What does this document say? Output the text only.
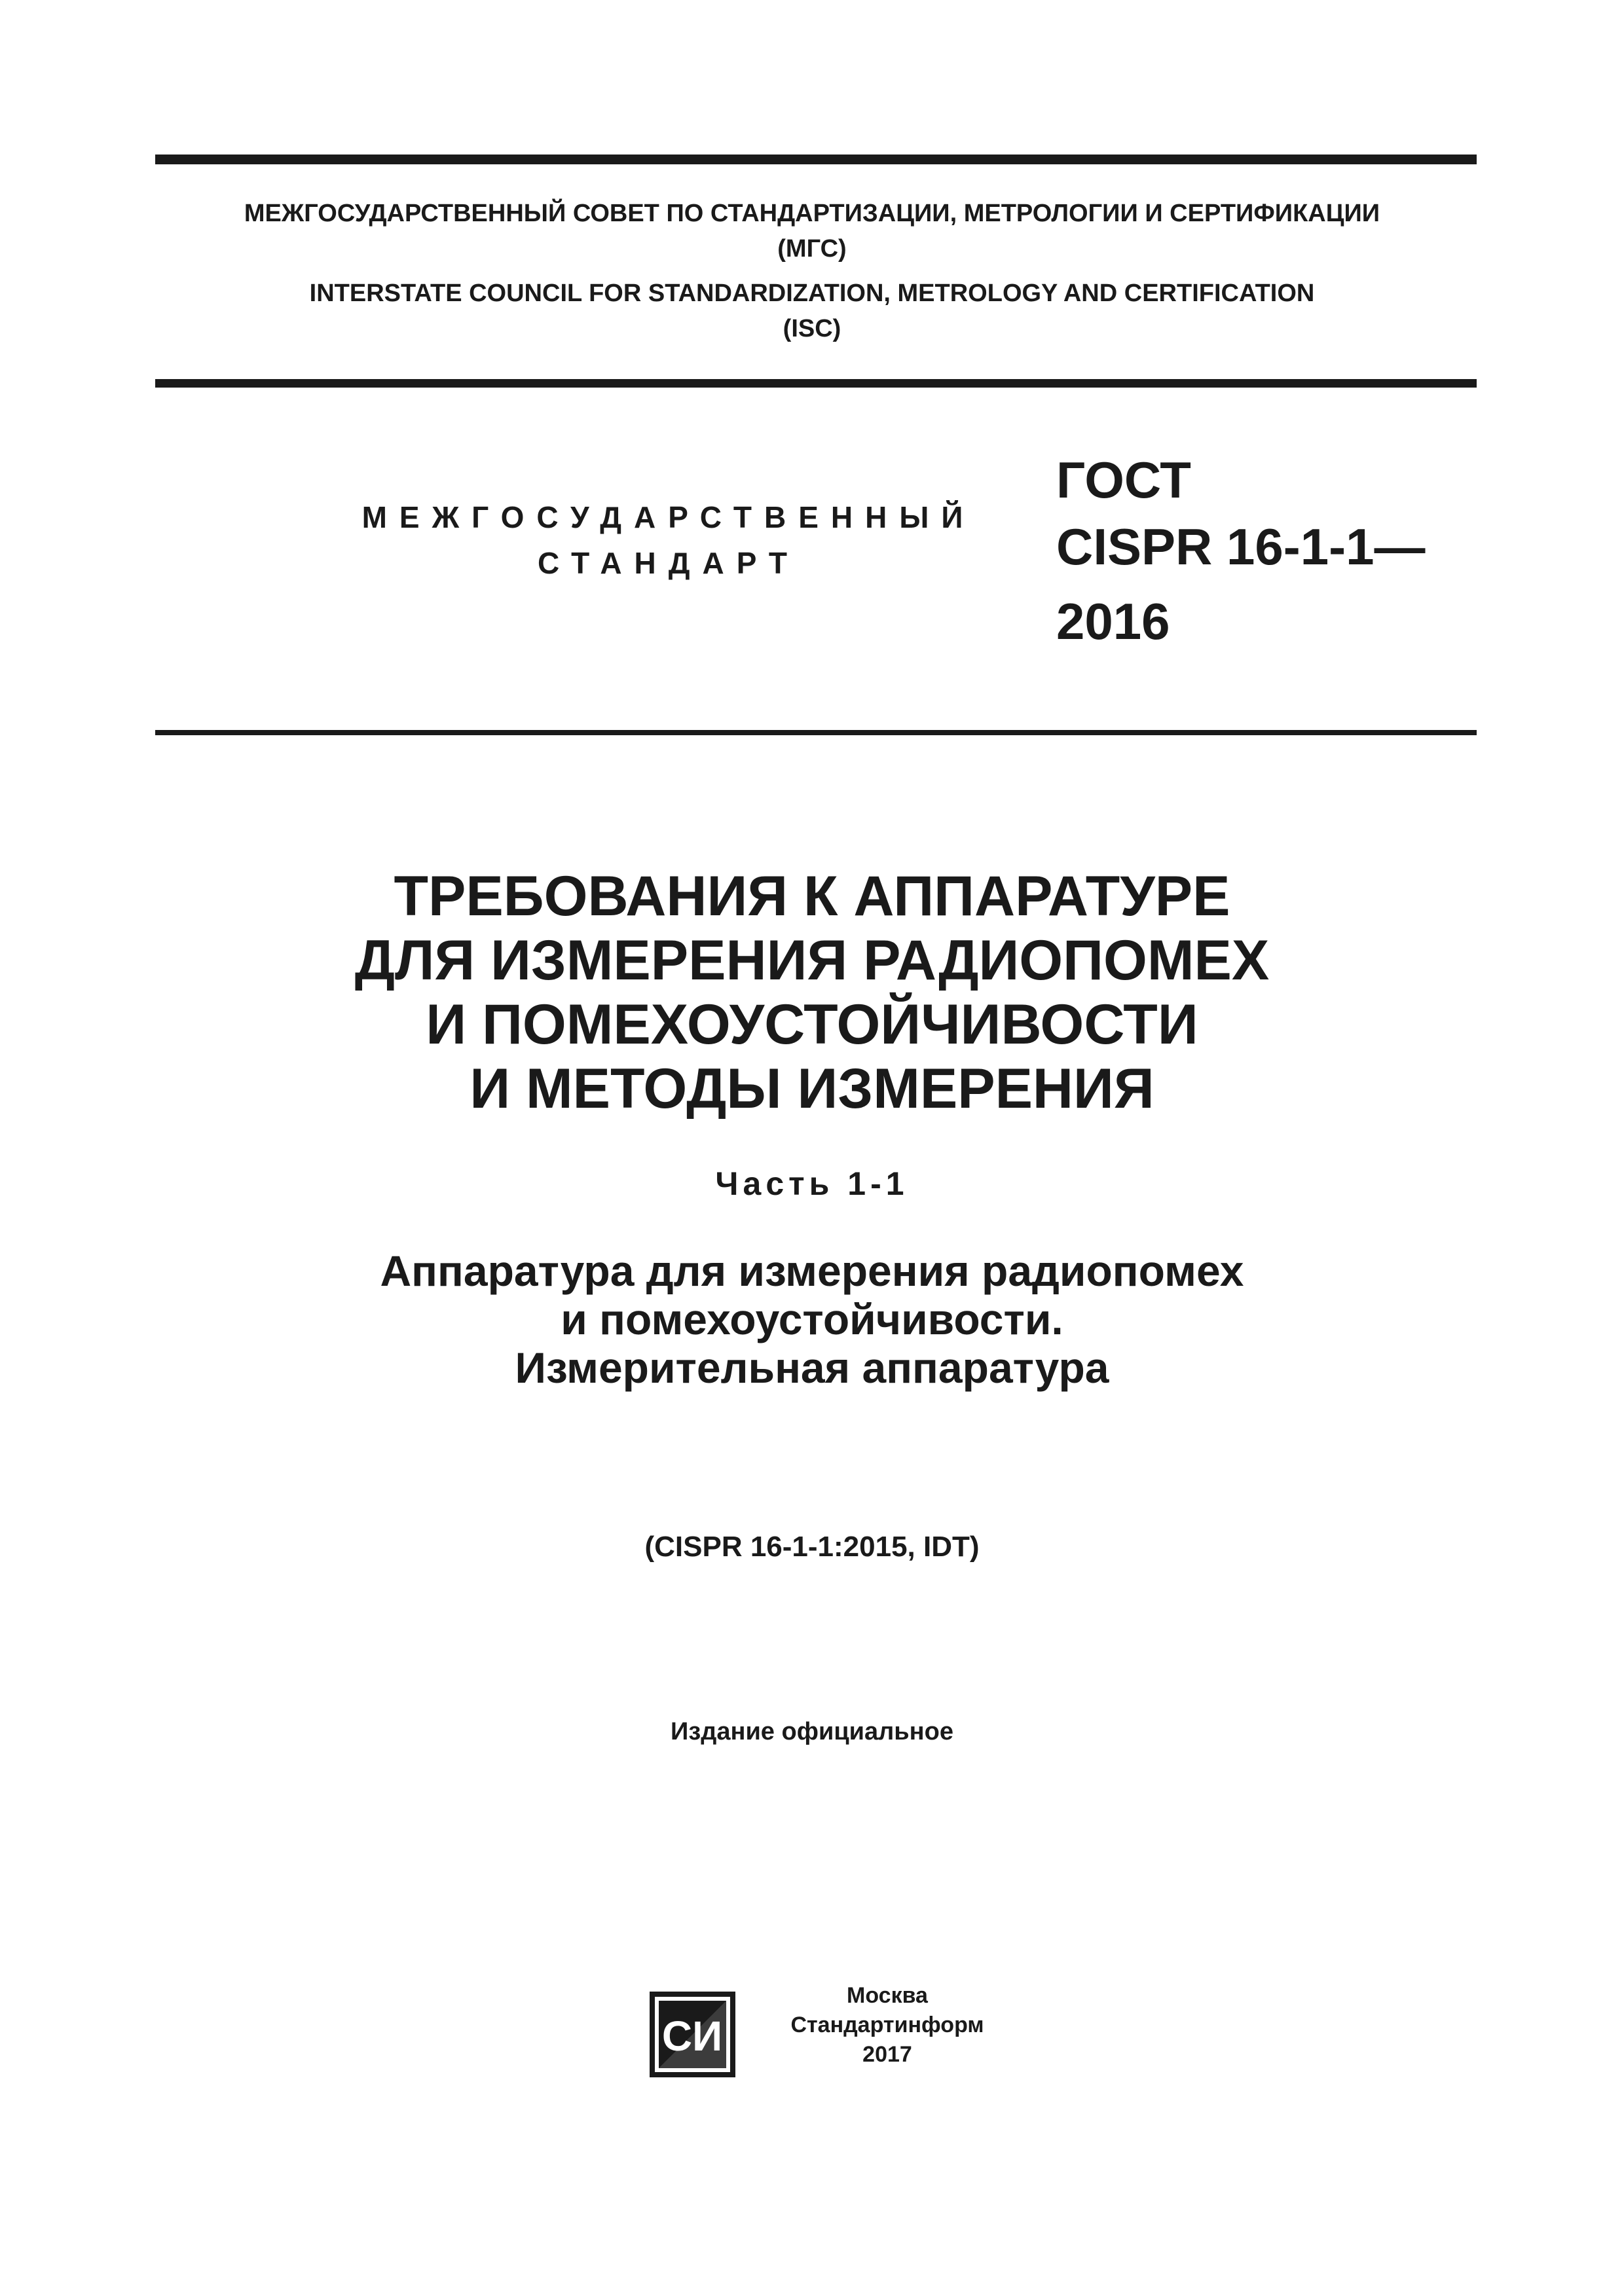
МЕЖГОСУДАРСТВЕННЫЙ СОВЕТ ПО СТАНДАРТИЗАЦИИ, МЕТРОЛОГИИ И СЕРТИФИКАЦИИ
(МГС)
INTERSTATE COUNCIL FOR STANDARDIZATION, METROLOGY AND CERTIFICATION
(ISC)
МЕЖГОСУДАРСТВЕННЫЙ
СТАНДАРТ
ГОСТ
CISPR 16-1-1—
2016
ТРЕБОВАНИЯ К АППАРАТУРЕ
ДЛЯ ИЗМЕРЕНИЯ РАДИОПОМЕХ
И ПОМЕХОУСТОЙЧИВОСТИ
И МЕТОДЫ ИЗМЕРЕНИЯ
Часть 1-1
Аппаратура для измерения радиопомех
и помехоустойчивости.
Измерительная аппаратура
(CISPR 16-1-1:2015, IDT)
Издание официальное
СИ
Москва
Стандартинформ
2017
